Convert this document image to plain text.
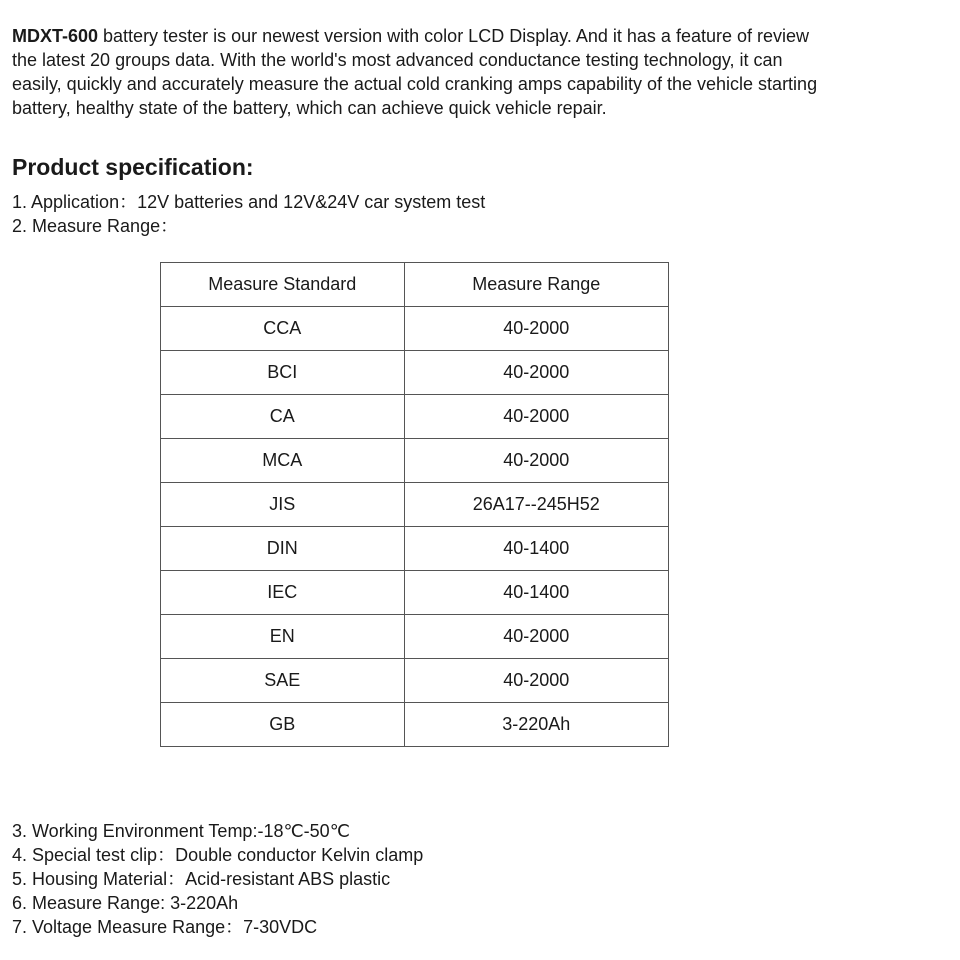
MDXT-600 battery tester is our newest version with color LCD Display. And it has a feature of review the latest 20 groups data. With the world's most advanced conductance testing technology, it can easily, quickly and accurately measure the actual cold cranking amps capability of the vehicle starting battery, healthy state of the battery, which can achieve quick vehicle repair.

Product specification:
1. Application：12V batteries and 12V&24V car system test
2. Measure Range：
Measure Standard	Measure Range
CCA	40-2000
BCI	40-2000
CA	40-2000
MCA	40-2000
JIS	26A17--245H52
DIN	40-1400
IEC	40-1400
EN	40-2000
SAE	40-2000
GB	3-220Ah
3. Working Environment Temp:-18℃-50℃
4. Special test clip：Double conductor Kelvin clamp
5. Housing Material：Acid-resistant ABS plastic
6. Measure Range: 3-220Ah
7. Voltage Measure Range：7-30VDC
